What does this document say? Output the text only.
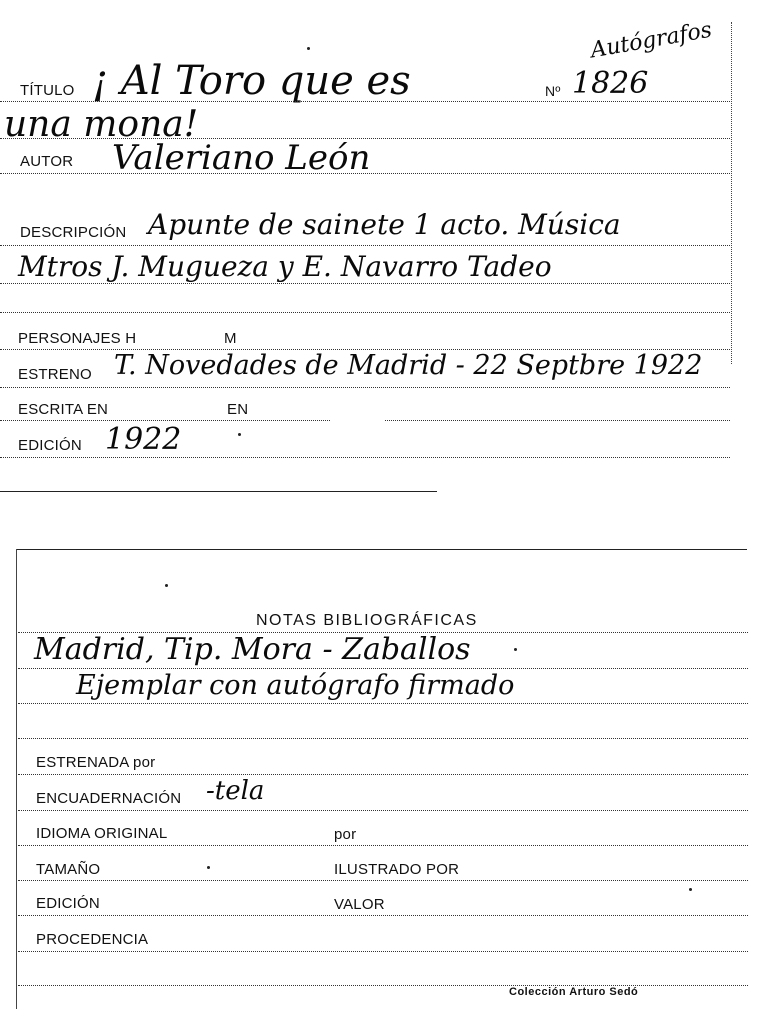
Autógrafos
Nº 1826
TÍTULO ¡ Al Toro que es
una mona!
AUTOR Valeriano León
DESCRIPCIÓN Apunte de sainete 1 acto. Música
Mtros J. Mugueza y E. Navarro Tadeo
PERSONAJES H	M
ESTRENO T. Novedades de Madrid - 22 Septbre 1922
ESCRITA EN	EN
EDICIÓN 1922
NOTAS BIBLIOGRÁFICAS
Madrid, Tip. Mora - Zaballos
Ejemplar con autógrafo firmado
ESTRENADA por
ENCUADERNACIÓN -tela
IDIOMA ORIGINAL	por
TAMAÑO	ILUSTRADO POR
EDICIÓN	VALOR
PROCEDENCIA
Colección Arturo Sedó
